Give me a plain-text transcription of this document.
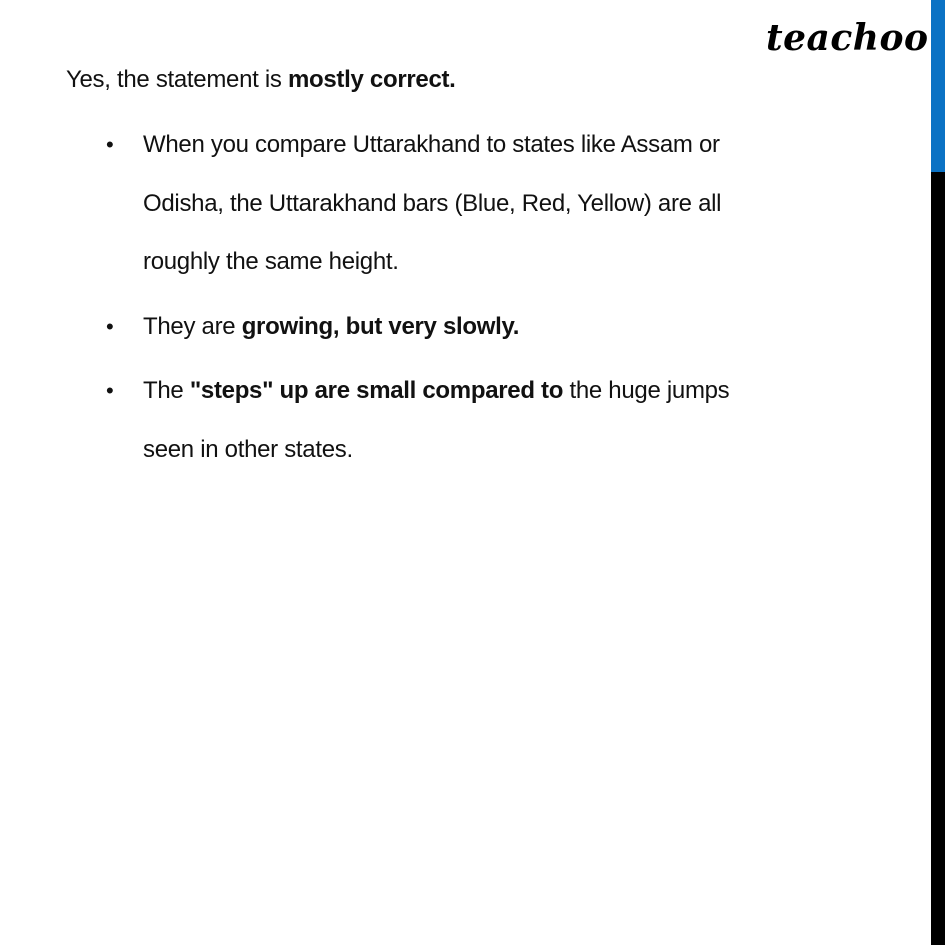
teachoo
Yes, the statement is mostly correct.
•	When you compare Uttarakhand to states like Assam or
Odisha, the Uttarakhand bars (Blue, Red, Yellow) are all
roughly the same height.
•	They are growing, but very slowly.
•	The "steps" up are small compared to the huge jumps
seen in other states.
